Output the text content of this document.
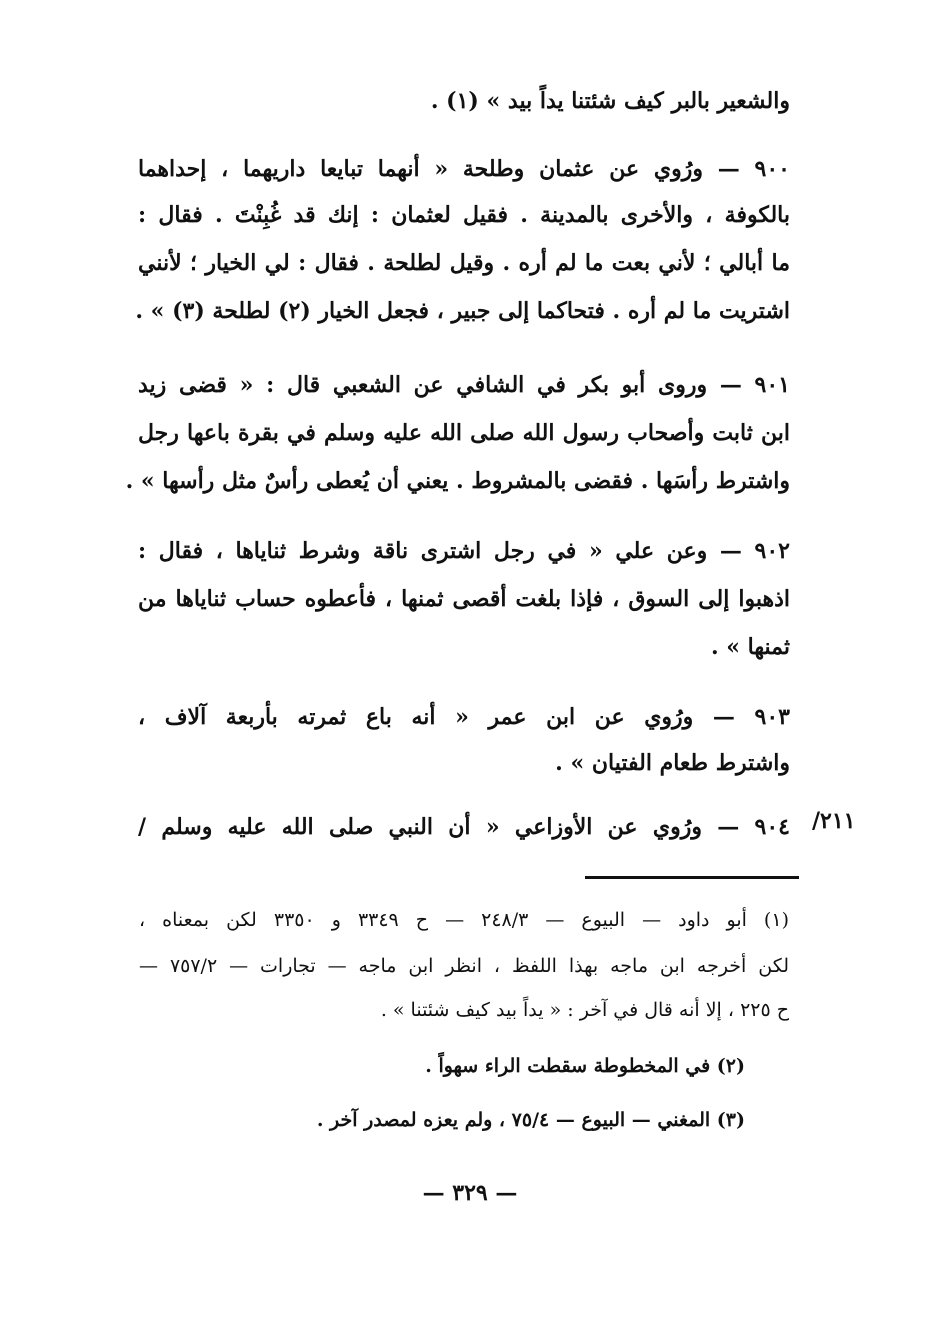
والشعير بالبر كيف شئتنا يداً بيد » (١) .
٩٠٠ — ورُوي عن عثمان وطلحة « أنهما تبايعا داريهما ، إحداهما
بالكوفة ، والأخرى بالمدينة . فقيل لعثمان : إنك قد غُبِنْتَ . فقال :
ما أبالي ؛ لأني بعت ما لم أره . وقيل لطلحة . فقال : لي الخيار ؛ لأنني
اشتريت ما لم أره . فتحاكما إلى جبير ، فجعل الخيار (٢) لطلحة (٣) » .
٩٠١ — وروى أبو بكر في الشافي عن الشعبي قال : « قضى زيد
ابن ثابت وأصحاب رسول الله صلى الله عليه وسلم في بقرة باعها رجل
واشترط رأسَها . فقضى بالمشروط . يعني أن يُعطى رأسٌ مثل رأسها » .
٩٠٢ — وعن علي « في رجل اشترى ناقة وشرط ثناياها ، فقال :
اذهبوا إلى السوق ، فإذا بلغت أقصى ثمنها ، فأعطوه حساب ثناياها من
ثمنها » .
٩٠٣ — ورُوي عن ابن عمر « أنه باع ثمرته بأربعة آلاف ،
واشترط طعام الفتيان » .
٩٠٤ — ورُوي عن الأوزاعي « أن النبي صلى الله عليه وسلم / /٢١١
(١) أبو داود — البيوع — ٢٤٨/٣ — ح ٣٣٤٩ و ٣٣٥٠ لكن بمعناه ،
لكن أخرجه ابن ماجه بهذا اللفظ ، انظر ابن ماجه — تجارات — ٧٥٧/٢ —
ح ٢٢٥ ، إلا أنه قال في آخر : « يداً بيد كيف شئتنا » .
(٢) في المخطوطة سقطت الراء سهواً .
(٣) المغني — البيوع — ٧٥/٤ ، ولم يعزه لمصدر آخر .
— ٣٢٩ —
